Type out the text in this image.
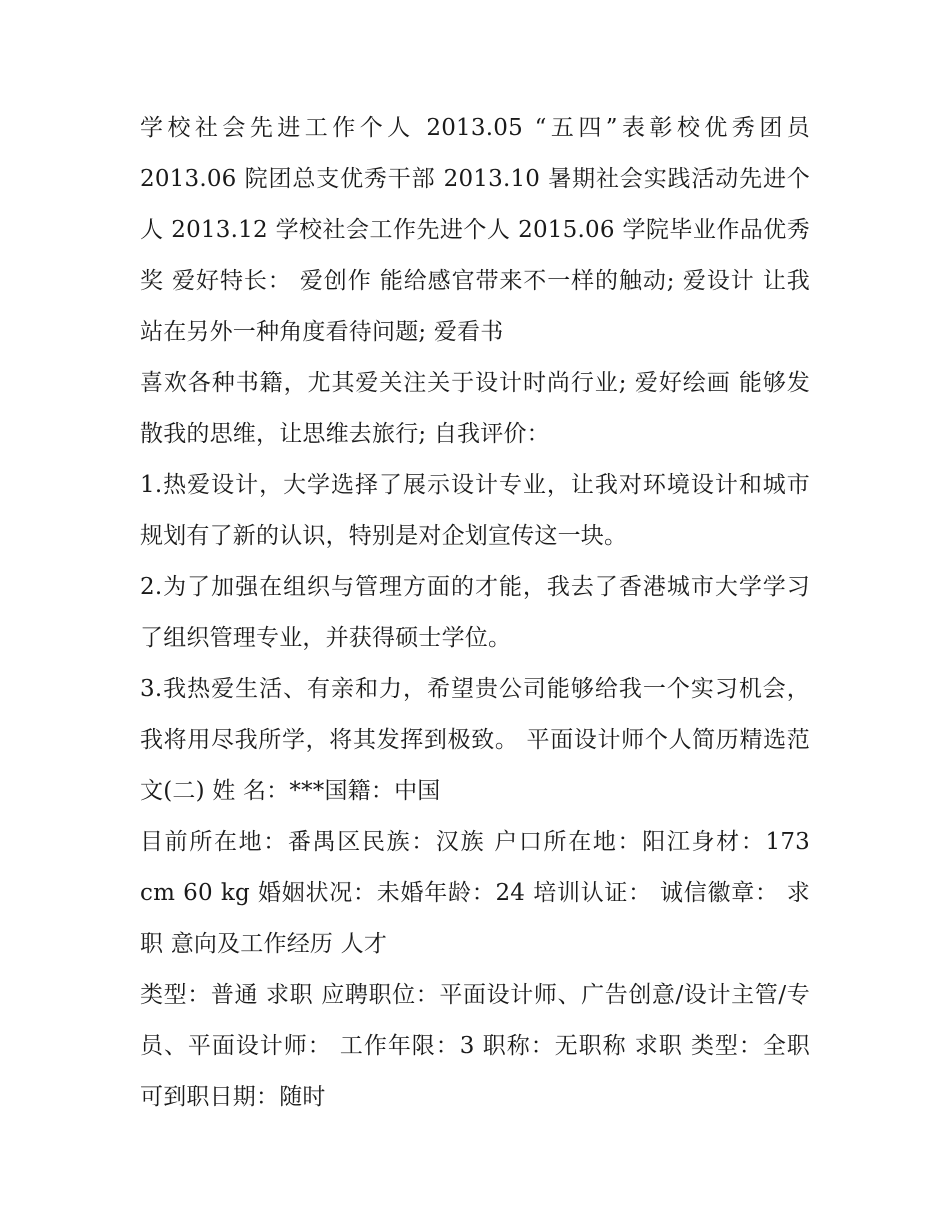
学校社会先进工作个人 2013.05 “五四”表彰校优秀团员 2013.06 院团总支优秀干部 2013.10 暑期社会实践活动先进个人 2013.12 学校社会工作先进个人 2015.06 学院毕业作品优秀奖 爱好特长： 爱创作 能给感官带来不一样的触动; 爱设计 让我站在另外一种角度看待问题; 爱看书

喜欢各种书籍，尤其爱关注关于设计时尚行业; 爱好绘画 能够发散我的思维，让思维去旅行; 自我评价：

1.热爱设计，大学选择了展示设计专业，让我对环境设计和城市规划有了新的认识，特别是对企划宣传这一块。

2.为了加强在组织与管理方面的才能，我去了香港城市大学学习了组织管理专业，并获得硕士学位。

3.我热爱生活、有亲和力，希望贵公司能够给我一个实习机会，我将用尽我所学，将其发挥到极致。 平面设计师个人简历精选范文(二) 姓 名：***国籍：中国

目前所在地：番禺区民族：汉族 户口所在地：阳江身材：173 cm 60 kg 婚姻状况：未婚年龄：24 培训认证： 诚信徽章： 求职 意向及工作经历 人才

类型：普通 求职 应聘职位：平面设计师、广告创意/设计主管/专员、平面设计师： 工作年限：3 职称：无职称 求职 类型：全职可到职日期：随时
